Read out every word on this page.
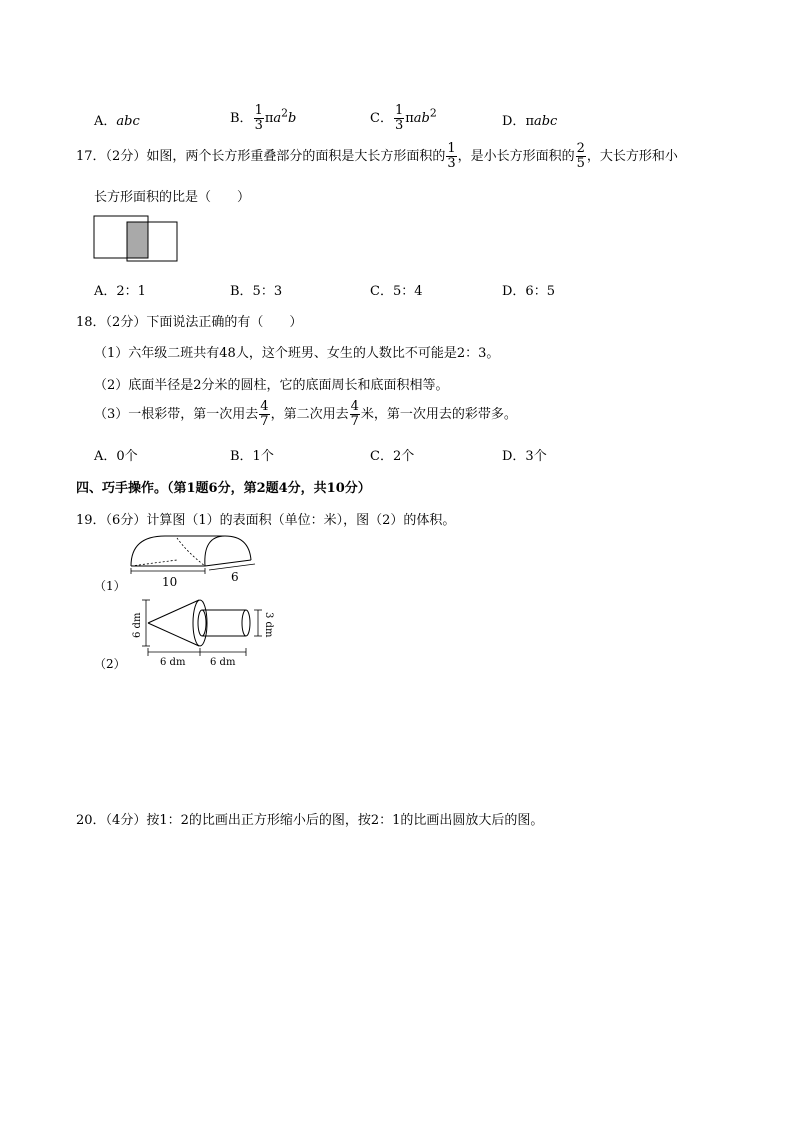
A．abc	B． $\frac{1}{3} \pi a^2b$	C． $\frac{1}{3} \pi ab^2$
D．πabc
17．（2分）如图，两个长方形重叠部分的面积是大长方形面积的 $\frac{1}{3}$ ，是小长方形面积的 $\frac{2}{5}$ ，大长方形和小
长方形面积的比是（　　）
A．2：1	B．5：3	C．5：4	D．6：5
18．（2分）下面说法正确的有（　　）
（1）六年级二班共有48人，这个班男、女生的人数比不可能是2：3。
（2）底面半径是2分米的圆柱，它的底面周长和底面积相等。
（3）一根彩带，第一次用去 $\frac{4}{7}$ ，第二次用去 $\frac{4}{7}$ 米，第一次用去的彩带多。
A．0个	B．1个	C．2个	D．3个
四、巧手操作。（第1题6分，第2题4分，共10分）
19．（6分）计算图（1）的表面积（单位：米），图（2）的体积。
（1）	10	6
（2）
6 dm	3 dm
6 dm 6 dm
20．（4分）按1：2的比画出正方形缩小后的图，按2：1的比画出圆放大后的图。
